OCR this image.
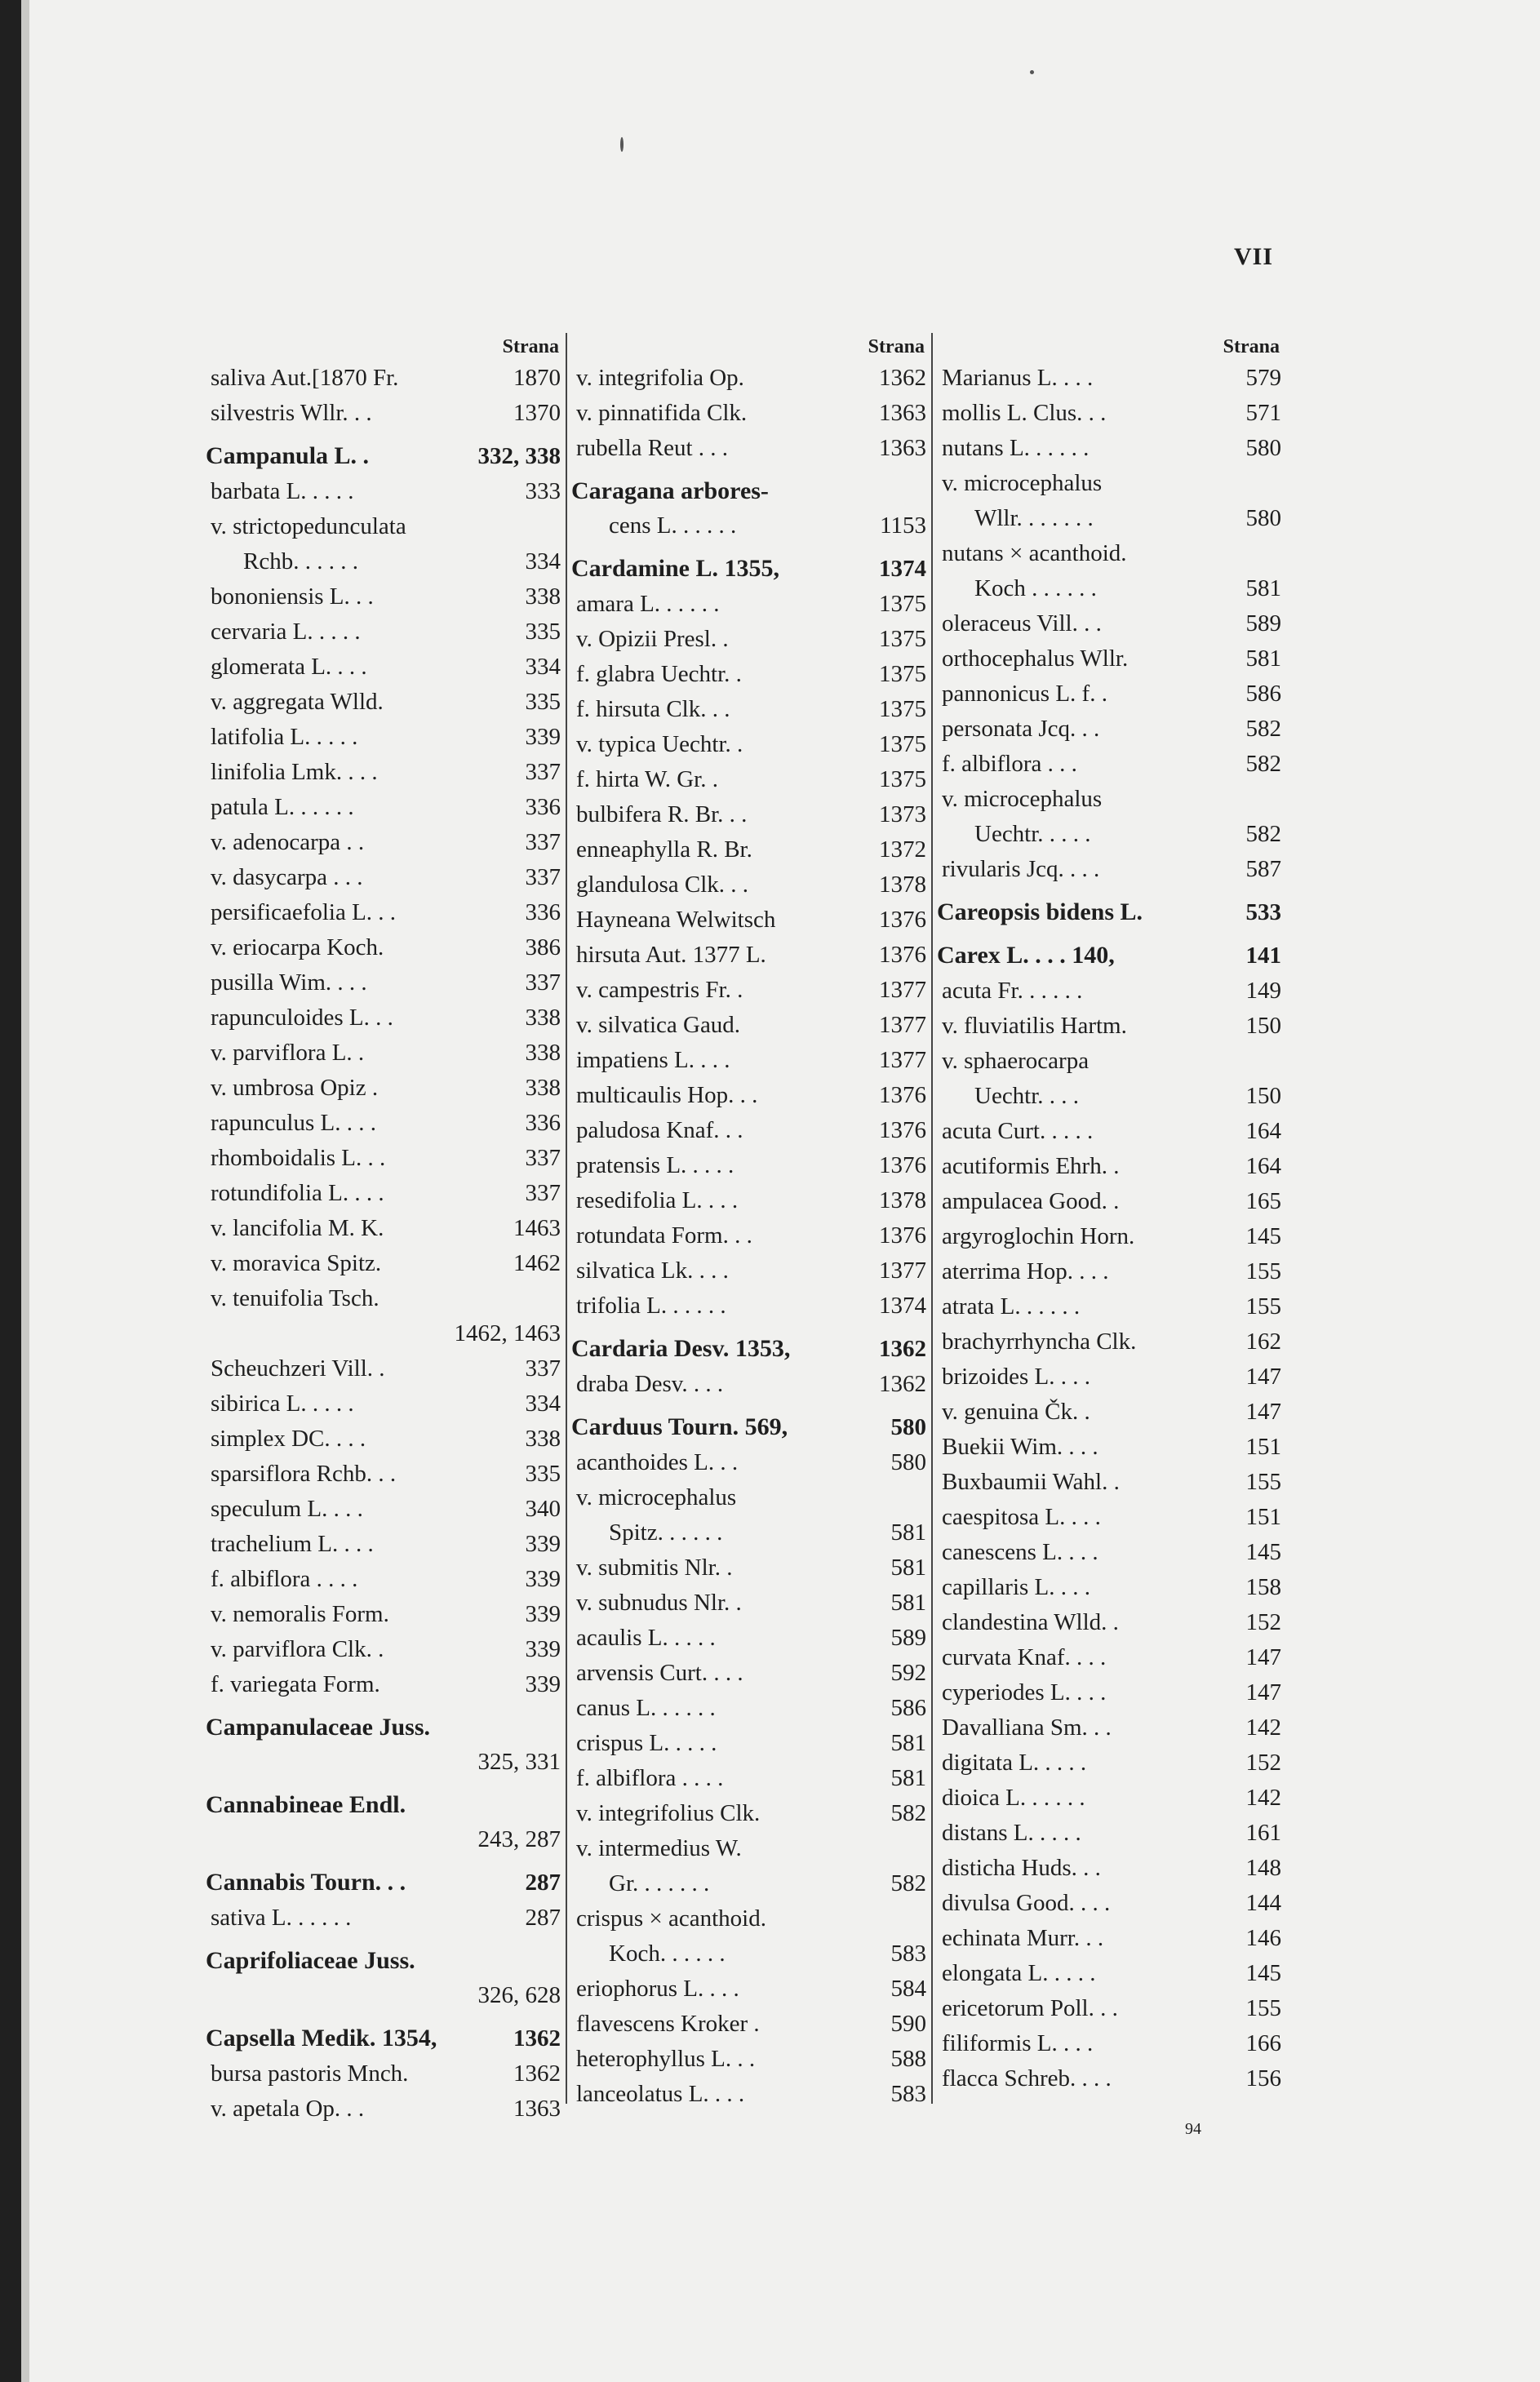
VII
Strana
saliva Aut.[1870 Fr.	1870
silvestris Wllr. . .	1370
Campanula L. .	332, 338
barbata L. . . . .	333
v. strictopedunculata
Rchb. . . . . .	334
bononiensis L. . .	338
cervaria L. . . . .	335
glomerata L. . . .	334
v. aggregata Wlld.	335
latifolia L. . . . .	339
linifolia Lmk. . . .	337
patula L. . . . . .	336
v. adenocarpa . .	337
v. dasycarpa . . .	337
persificaefolia L. . .	336
v. eriocarpa Koch.	386
pusilla Wim. . . .	337
rapunculoides L. . .	338
v. parviflora L. .	338
v. umbrosa Opiz .	338
rapunculus L. . . .	336
rhomboidalis L. . .	337
rotundifolia L. . . .	337
v. lancifolia M. K.	1463
v. moravica Spitz.	1462
v. tenuifolia Tsch.
1462, 1463
Scheuchzeri Vill. .	337
sibirica L. . . . .	334
simplex DC. . . .	338
sparsiflora Rchb. . .	335
speculum L. . . .	340
trachelium L. . . .	339
f. albiflora . . . .	339
v. nemoralis Form.	339
v. parviflora Clk. .	339
f. variegata Form.	339
Campanulaceae Juss.
325, 331
Cannabineae Endl.
243, 287
Cannabis Tourn. . .	287
sativa L. . . . . .	287
Caprifoliaceae Juss.
326, 628
Capsella Medik. 1354,	1362
bursa pastoris Mnch.	1362
v. apetala Op. . .	1363
Strana
v. integrifolia Op.	1362
v. pinnatifida Clk.	1363
rubella Reut . . .	1363
Caragana arbores-
cens L. . . . . .	1153
Cardamine L. 1355,	1374
amara L. . . . . .	1375
v. Opizii Presl. .	1375
f. glabra Uechtr. .	1375
f. hirsuta Clk. . .	1375
v. typica Uechtr. .	1375
f. hirta W. Gr. .	1375
bulbifera R. Br. . .	1373
enneaphylla R. Br.	1372
glandulosa Clk. . .	1378
Hayneana Welwitsch	1376
hirsuta Aut. 1377 L.	1376
v. campestris Fr. .	1377
v. silvatica Gaud.	1377
impatiens L. . . .	1377
multicaulis Hop. . .	1376
paludosa Knaf. . .	1376
pratensis L. . . . .	1376
resedifolia L. . . .	1378
rotundata Form. . .	1376
silvatica Lk. . . .	1377
trifolia L. . . . . .	1374
Cardaria Desv. 1353,	1362
draba Desv. . . .	1362
Carduus Tourn. 569,	580
acanthoides L. . .	580
v. microcephalus
Spitz. . . . . .	581
v. submitis Nlr. .	581
v. subnudus Nlr. .	581
acaulis L. . . . .	589
arvensis Curt. . . .	592
canus L. . . . . .	586
crispus L. . . . .	581
f. albiflora . . . .	581
v. integrifolius Clk.	582
v. intermedius W.
Gr. . . . . . .	582
crispus × acanthoid.
Koch. . . . . .	583
eriophorus L. . . .	584
flavescens Kroker .	590
heterophyllus L. . .	588
lanceolatus L. . . .	583
Strana
Marianus L. . . .	579
mollis L. Clus. . .	571
nutans L. . . . . .	580
v. microcephalus
Wllr. . . . . . .	580
nutans × acanthoid.
Koch . . . . . .	581
oleraceus Vill. . .	589
orthocephalus Wllr.	581
pannonicus L. f. .	586
personata Jcq. . .	582
f. albiflora . . .	582
v. microcephalus
Uechtr. . . . .	582
rivularis Jcq. . . .	587
Careopsis bidens L.	533
Carex L. . . . 140,	141
acuta Fr. . . . . .	149
v. fluviatilis Hartm.	150
v. sphaerocarpa
Uechtr. . . .	150
acuta Curt. . . . .	164
acutiformis Ehrh. .	164
ampulacea Good. .	165
argyroglochin Horn.	145
aterrima Hop. . . .	155
atrata L. . . . . .	155
brachyrrhyncha Clk.	162
brizoides L. . . .	147
v. genuina Čk. .	147
Buekii Wim. . . .	151
Buxbaumii Wahl. .	155
caespitosa L. . . .	151
canescens L. . . .	145
capillaris L. . . .	158
clandestina Wlld. .	152
curvata Knaf. . . .	147
cyperiodes L. . . .	147
Davalliana Sm. . .	142
digitata L. . . . .	152
dioica L. . . . . .	142
distans L. . . . .	161
disticha Huds. . .	148
divulsa Good. . . .	144
echinata Murr. . .	146
elongata L. . . . .	145
ericetorum Poll. . .	155
filiformis L. . . .	166
flacca Schreb. . . .	156
94
